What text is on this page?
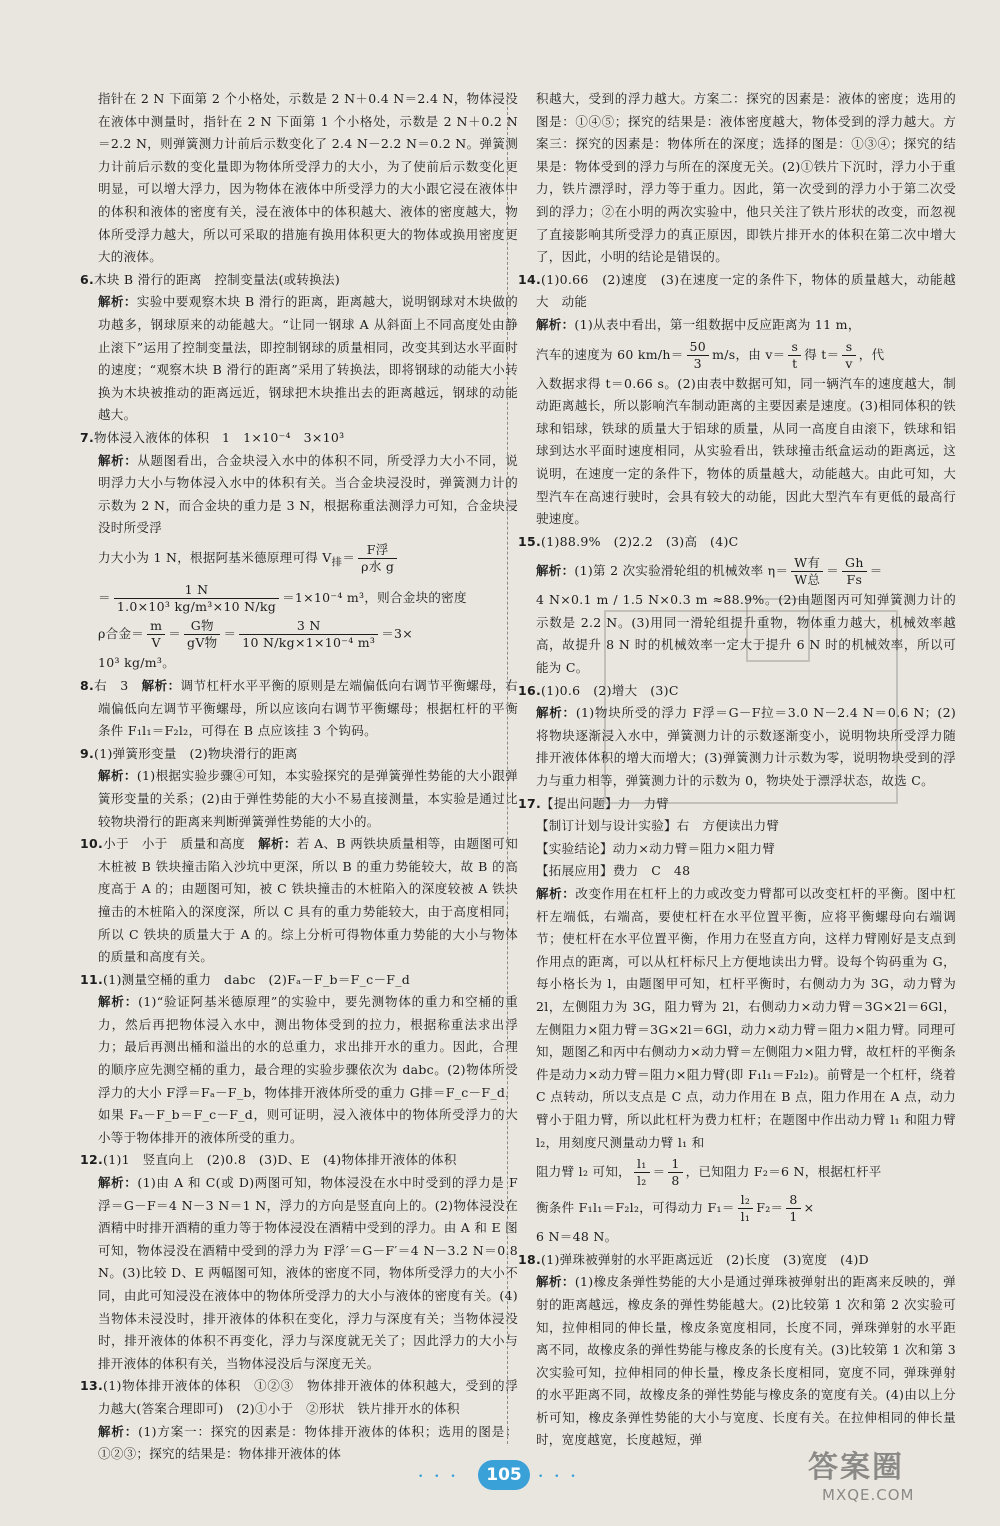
指针在 2 N 下面第 2 个小格处，示数是 2 N＋0.4 N＝2.4 N，物体浸没在液体中测量时，指针在 2 N 下面第 1 个小格处，示数是 2 N＋0.2 N＝2.2 N，则弹簧测力计前后示数变化了 2.4 N－2.2 N＝0.2 N。弹簧测力计前后示数的变化量即为物体所受浮力的大小，为了使前后示数变化更明显，可以增大浮力，因为物体在液体中所受浮力的大小跟它浸在液体中的体积和液体的密度有关，浸在液体中的体积越大、液体的密度越大，物体所受浮力越大，所以可采取的措施有换用体积更大的物体或换用密度更大的液体。

6.木块 B 滑行的距离　控制变量法(或转换法)

解析：实验中要观察木块 B 滑行的距离，距离越大，说明钢球对木块做的功越多，钢球原来的动能越大。“让同一钢球 A 从斜面上不同高度处由静止滚下”运用了控制变量法，即控制钢球的质量相同，改变其到达水平面时的速度；“观察木块 B 滑行的距离”采用了转换法，即将钢球的动能大小转换为木块被推动的距离远近，钢球把木块推出去的距离越远，钢球的动能越大。

7.物体浸入液体的体积　1　1×10⁻⁴　3×10³

解析：从题图看出，合金块浸入水中的体积不同，所受浮力大小不同，说明浮力大小与物体浸入水中的体积有关。当合金块浸没时，弹簧测力计的示数为 2 N，而合金块的重力是 3 N，根据称重法测浮力可知，合金块浸没时所受浮

力大小为 1 N，根据阿基米德原理可得 $V_排= \frac{\text{F浮}}{\text{ρ水 g}}$

＝ $\frac{1 N}{\text{1.0×10³ kg/m³×10 N/kg}} =1\times 10^{-4}$ m³，则合金块的密度

ρ合金＝ $\frac{m}{V} = \frac{\text{G物}}{\text{gV物}} = \frac{3 N}{\text{10 N/kg×1×10⁻⁴ m³}} =3\times$

10³ kg/m³。

8.右　3　解析：调节杠杆水平平衡的原则是左端偏低向右调节平衡螺母，右端偏低向左调节平衡螺母，所以应该向右调节平衡螺母；根据杠杆的平衡条件 F₁l₁＝F₂l₂，可得在 B 点应该挂 3 个钩码。

9.(1)弹簧形变量　(2)物块滑行的距离

解析：(1)根据实验步骤④可知，本实验探究的是弹簧弹性势能的大小跟弹簧形变量的关系；(2)由于弹性势能的大小不易直接测量，本实验是通过比较物块滑行的距离来判断弹簧弹性势能的大小的。

10.小于　小于　质量和高度　解析：若 A、B 两铁块质量相等，由题图可知木桩被 B 铁块撞击陷入沙坑中更深，所以 B 的重力势能较大，故 B 的高度高于 A 的；由题图可知，被 C 铁块撞击的木桩陷入的深度较被 A 铁块撞击的木桩陷入的深度深，所以 C 具有的重力势能较大，由于高度相同，所以 C 铁块的质量大于 A 的。综上分析可得物体重力势能的大小与物体的质量和高度有关。

11.(1)测量空桶的重力　dabc　(2)Fₐ－F_b＝F_c－F_d

解析：(1)“验证阿基米德原理”的实验中，要先测物体的重力和空桶的重力，然后再把物体浸入水中，测出物体受到的拉力，根据称重法求出浮力；最后再测出桶和溢出的水的总重力，求出排开水的重力。因此，合理的顺序应先测空桶的重力，最合理的实验步骤依次为 dabc。(2)物体所受浮力的大小 F浮＝Fₐ－F_b，物体排开液体所受的重力 G排＝F_c－F_d，如果 Fₐ－F_b＝F_c－F_d，则可证明，浸入液体中的物体所受浮力的大小等于物体排开的液体所受的重力。

12.(1)1　竖直向上　(2)0.8　(3)D、E　(4)物体排开液体的体积

解析：(1)由 A 和 C(或 D)两图可知，物体浸没在水中时受到的浮力是 F浮＝G－F＝4 N－3 N＝1 N，浮力的方向是竖直向上的。(2)物体浸没在酒精中时排开酒精的重力等于物体浸没在酒精中受到的浮力。由 A 和 E 图可知，物体浸没在酒精中受到的浮力为 F浮′＝G－F′＝4 N－3.2 N＝0.8 N。(3)比较 D、E 两幅图可知，液体的密度不同，物体所受浮力的大小不同，由此可知浸没在液体中的物体所受浮力的大小与液体的密度有关。(4)当物体未浸没时，排开液体的体积在变化，浮力与深度有关；当物体浸没时，排开液体的体积不再变化，浮力与深度就无关了；因此浮力的大小与排开液体的体积有关，当物体浸没后与深度无关。

13.(1)物体排开液体的体积　①②③　物体排开液体的体积越大，受到的浮力越大(答案合理即可)　(2)①小于　②形状　铁片排开水的体积

解析：(1)方案一：探究的因素是：物体排开液体的体积；选用的图是：①②③；探究的结果是：物体排开液体的体

积越大，受到的浮力越大。方案二：探究的因素是：液体的密度；选用的图是：①④⑤；探究的结果是：液体密度越大，物体受到的浮力越大。方案三：探究的因素是：物体所在的深度；选择的图是：①③④；探究的结果是：物体受到的浮力与所在的深度无关。(2)①铁片下沉时，浮力小于重力，铁片漂浮时，浮力等于重力。因此，第一次受到的浮力小于第二次受到的浮力；②在小明的两次实验中，他只关注了铁片形状的改变，而忽视了直接影响其所受浮力的真正原因，即铁片排开水的体积在第二次中增大了，因此，小明的结论是错误的。

14.(1)0.66　(2)速度　(3)在速度一定的条件下，物体的质量越大，动能越大　动能

解析：(1)从表中看出，第一组数据中反应距离为 11 m，

汽车的速度为 60 $km/h= \frac{50}{3} m/s$，由 $v= \frac{s}{t}$ 得 $t= \frac{s}{v}$ ，代

入数据求得 t＝0.66 s。(2)由表中数据可知，同一辆汽车的速度越大，制动距离越长，所以影响汽车制动距离的主要因素是速度。(3)相同体积的铁球和铝球，铁球的质量大于铝球的质量，从同一高度自由滚下，铁球和铝球到达水平面时速度相同，从实验看出，铁球撞击纸盒运动的距离远，这说明，在速度一定的条件下，物体的质量越大，动能越大。由此可知，大型汽车在高速行驶时，会具有较大的动能，因此大型汽车有更低的最高行驶速度。

15.(1)88.9%　(2)2.2　(3)高　(4)C

解析：(1)第 2 次实验滑轮组的机械效率 $\eta= \frac{\text{W有}}{\text{W总}} = \frac{Gh}{Fs}$ ＝

4 N×0.1 m / 1.5 N×0.3 m ≈88.9%。(2)由题图丙可知弹簧测力计的示数是 2.2 N。(3)用同一滑轮组提升重物，物体重力越大，机械效率越高，故提升 8 N 时的机械效率一定大于提升 6 N 时的机械效率，所以可能为 C。

16.(1)0.6　(2)增大　(3)C

解析：(1)物块所受的浮力 F浮＝G－F拉＝3.0 N－2.4 N＝0.6 N；(2)将物块逐渐浸入水中，弹簧测力计的示数逐渐变小，说明物块所受浮力随排开液体体积的增大而增大；(3)弹簧测力计示数为零，说明物块受到的浮力与重力相等，弹簧测力计的示数为 0，物块处于漂浮状态，故选 C。

17.【提出问题】力　力臂

【制订计划与设计实验】右　方便读出力臂

【实验结论】动力×动力臂＝阻力×阻力臂

【拓展应用】费力　C　48

解析：改变作用在杠杆上的力或改变力臂都可以改变杠杆的平衡。图中杠杆左端低，右端高，要使杠杆在水平位置平衡，应将平衡螺母向右端调节；使杠杆在水平位置平衡，作用力在竖直方向，这样力臂刚好是支点到作用点的距离，可以从杠杆标尺上方便地读出力臂。设每个钩码重为 G，每小格长为 l，由题图甲可知，杠杆平衡时，右侧动力为 3G，动力臂为 2l，左侧阻力为 3G，阻力臂为 2l，右侧动力×动力臂＝3G×2l＝6Gl，左侧阻力×阻力臂＝3G×2l＝6Gl，动力×动力臂＝阻力×阻力臂。同理可知，题图乙和丙中右侧动力×动力臂＝左侧阻力×阻力臂，故杠杆的平衡条件是动力×动力臂＝阻力×阻力臂(即 F₁l₁＝F₂l₂)。前臂是一个杠杆，绕着 C 点转动，所以支点是 C 点，动力作用在 B 点，阻力作用在 A 点，动力臂小于阻力臂，所以此杠杆为费力杠杆；在题图中作出动力臂 l₁ 和阻力臂 l₂，用刻度尺测量动力臂 l₁ 和

阻力臂 l₂ 可知， $\frac{\text{l₁}}{\text{l₂}} = \frac{1}{8}$ ，已知阻力 F₂＝6 N，根据杠杆平

衡条件 F₁l₁＝F₂l₂，可得动力 $F_1= \frac{\text{l₂}}{\text{l₁}} F_2= \frac{8}{1}$ ×

6 N＝48 N。

18.(1)弹珠被弹射的水平距离远近　(2)长度　(3)宽度　(4)D

解析：(1)橡皮条弹性势能的大小是通过弹珠被弹射出的距离来反映的，弹射的距离越远，橡皮条的弹性势能越大。(2)比较第 1 次和第 2 次实验可知，拉伸相同的伸长量，橡皮条宽度相同，长度不同，弹珠弹射的水平距离不同，故橡皮条的弹性势能与橡皮条的长度有关。(3)比较第 1 次和第 3 次实验可知，拉伸相同的伸长量，橡皮条长度相同，宽度不同，弹珠弹射的水平距离不同，故橡皮条的弹性势能与橡皮条的宽度有关。(4)由以上分析可知，橡皮条弹性势能的大小与宽度、长度有关。在拉伸相同的伸长量时，宽度越宽，长度越短，弹

• • •	105	• • •	答案圈
MXQE.COM
